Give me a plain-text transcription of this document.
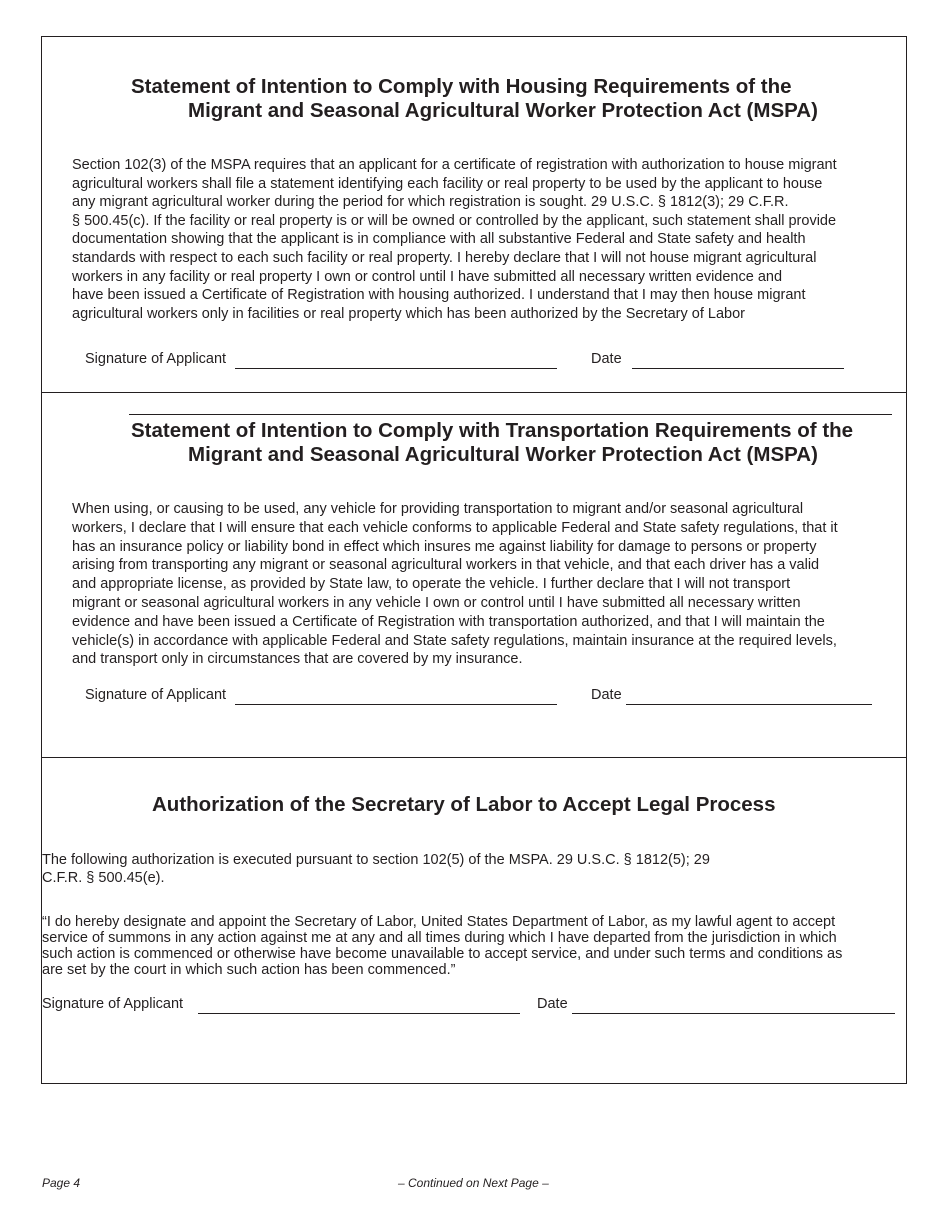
Statement of Intention to Comply with Housing Requirements of the
Migrant and Seasonal Agricultural Worker Protection Act (MSPA)
Section 102(3) of the MSPA requires that an applicant for a certificate of registration with authorization to house migrant
agricultural workers shall file a statement identifying each facility or real property to be used by the applicant to house
any migrant agricultural worker during the period for which registration is sought. 29 U.S.C. § 1812(3); 29 C.F.R.
§ 500.45(c). If the facility or real property is or will be owned or controlled by the applicant, such statement shall provide
documentation showing that the applicant is in compliance with all substantive Federal and State safety and health
standards with respect to each such facility or real property. I hereby declare that I will not house migrant agricultural
workers in any facility or real property I own or control until I have submitted all necessary written evidence and
have been issued a Certificate of Registration with housing authorized. I understand that I may then house migrant
agricultural workers only in facilities or real property which has been authorized by the Secretary of Labor
Signature of Applicant	Date
Statement of Intention to Comply with Transportation Requirements of the
Migrant and Seasonal Agricultural Worker Protection Act (MSPA)
When using, or causing to be used, any vehicle for providing transportation to migrant and/or seasonal agricultural
workers, I declare that I will ensure that each vehicle conforms to applicable Federal and State safety regulations, that it
has an insurance policy or liability bond in effect which insures me against liability for damage to persons or property
arising from transporting any migrant or seasonal agricultural workers in that vehicle, and that each driver has a valid
and appropriate license, as provided by State law, to operate the vehicle. I further declare that I will not transport
migrant or seasonal agricultural workers in any vehicle I own or control until I have submitted all necessary written
evidence and have been issued a Certificate of Registration with transportation authorized, and that I will maintain the
vehicle(s) in accordance with applicable Federal and State safety regulations, maintain insurance at the required levels,
and transport only in circumstances that are covered by my insurance.
Signature of Applicant	Date
Authorization of the Secretary of Labor to Accept Legal Process
The following authorization is executed pursuant to section 102(5) of the MSPA. 29 U.S.C. § 1812(5); 29
C.F.R. § 500.45(e).
“I do hereby designate and appoint the Secretary of Labor, United States Department of Labor, as my lawful agent to accept
service of summons in any action against me at any and all times during which I have departed from the jurisdiction in which
such action is commenced or otherwise have become unavailable to accept service, and under such terms and conditions as
are set by the court in which such action has been commenced.”
Signature of Applicant	Date
Page 4	– Continued on Next Page –
